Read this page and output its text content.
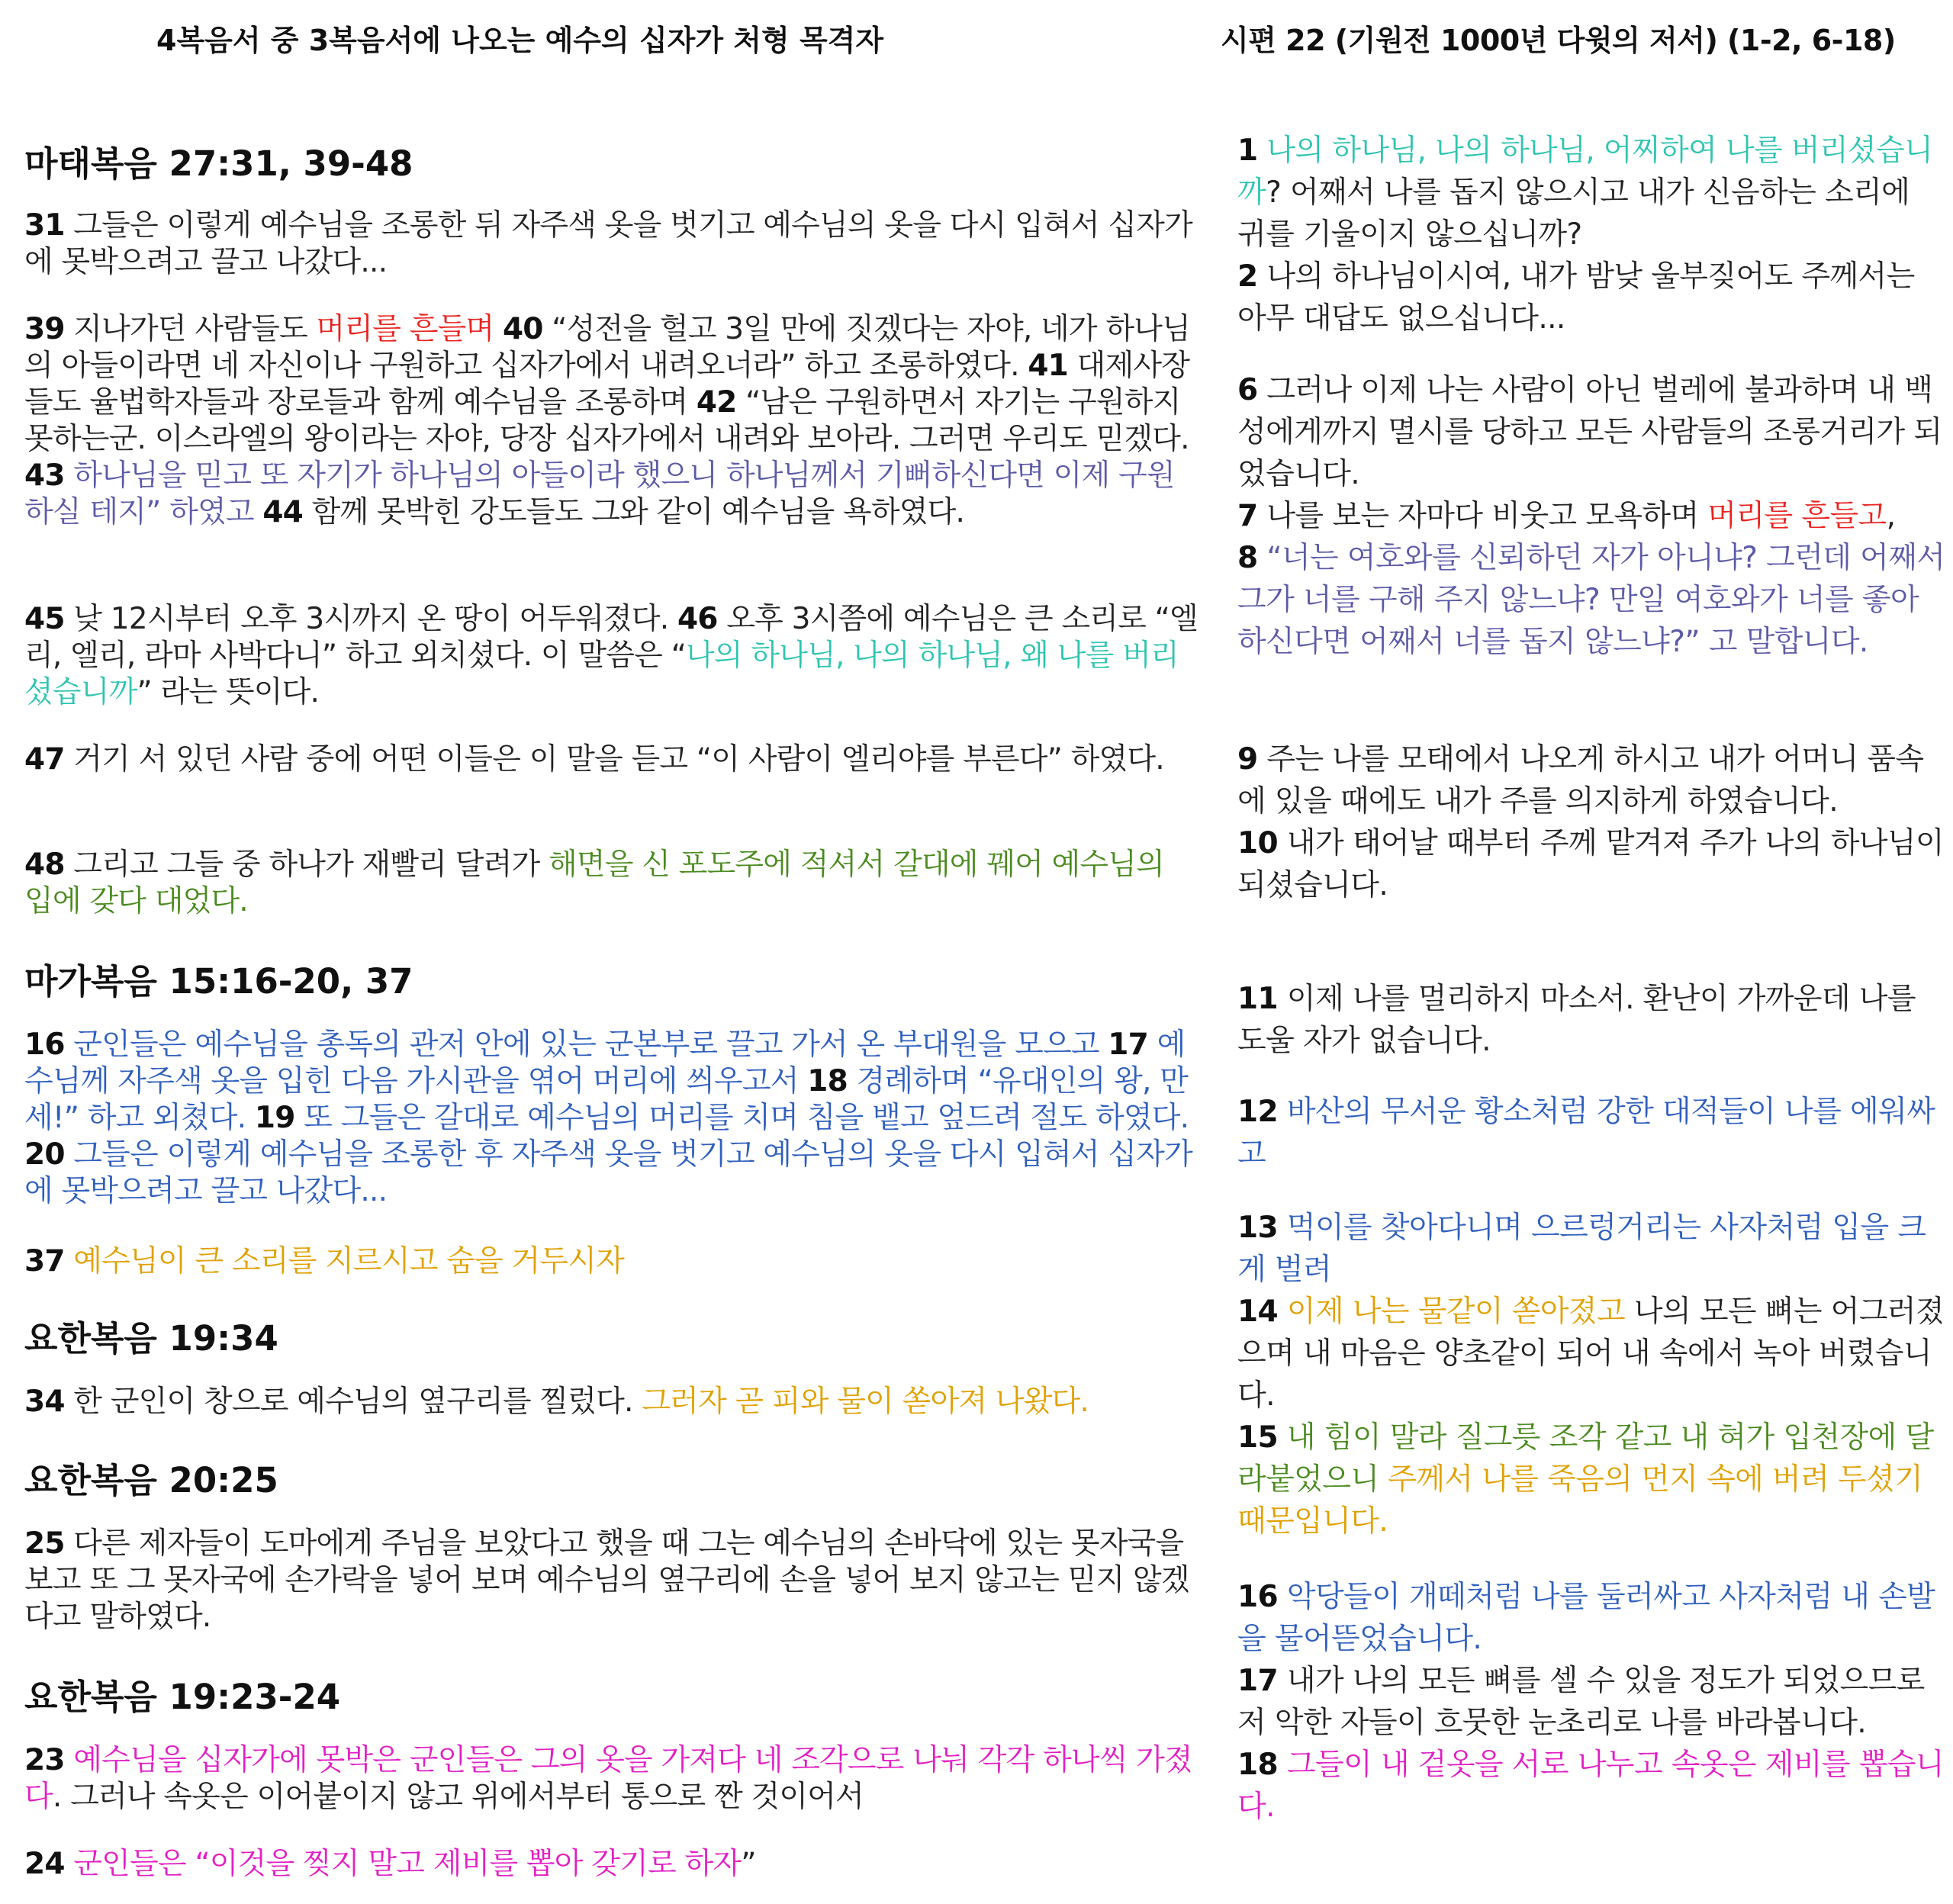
4복음서 중 3복음서에 나오는 예수의 십자가 처형 목격자
마태복음 27:31, 39-48
31 그들은 이렇게 예수님을 조롱한 뒤 자주색 옷을 벗기고 예수님의 옷을 다시 입혀서 십자가에 못박으려고 끌고 나갔다...
39 지나가던 사람들도 머리를 흔들며 40 “성전을 헐고 3일 만에 짓겠다는 자야, 네가 하나님의 아들이라면 네 자신이나 구원하고 십자가에서 내려오너라” 하고 조롱하였다. 41 대제사장들도 율법학자들과 장로들과 함께 예수님을 조롱하며 42 “남은 구원하면서 자기는 구원하지 못하는군. 이스라엘의 왕이라는 자야, 당장 십자가에서 내려와 보아라. 그러면 우리도 믿겠다. 43 하나님을 믿고 또 자기가 하나님의 아들이라 했으니 하나님께서 기뻐하신다면 이제 구원하실 테지” 하였고 44 함께 못박힌 강도들도 그와 같이 예수님을 욕하였다.
45 낮 12시부터 오후 3시까지 온 땅이 어두워졌다. 46 오후 3시쯤에 예수님은 큰 소리로 “엘리, 엘리, 라마 사박다니” 하고 외치셨다. 이 말씀은 “나의 하나님, 나의 하나님, 왜 나를 버리셨습니까” 라는 뜻이다.
47 거기 서 있던 사람 중에 어떤 이들은 이 말을 듣고 “이 사람이 엘리야를 부른다” 하였다.
48 그리고 그들 중 하나가 재빨리 달려가 해면을 신 포도주에 적셔서 갈대에 꿰어 예수님의 입에 갖다 대었다.
마가복음 15:16-20, 37
16 군인들은 예수님을 총독의 관저 안에 있는 군본부로 끌고 가서 온 부대원을 모으고 17 예수님께 자주색 옷을 입힌 다음 가시관을 엮어 머리에 씌우고서 18 경례하며 “유대인의 왕, 만세!” 하고 외쳤다. 19 또 그들은 갈대로 예수님의 머리를 치며 침을 뱉고 엎드려 절도 하였다. 20 그들은 이렇게 예수님을 조롱한 후 자주색 옷을 벗기고 예수님의 옷을 다시 입혀서 십자가에 못박으려고 끌고 나갔다...
37 예수님이 큰 소리를 지르시고 숨을 거두시자
요한복음 19:34
34 한 군인이 창으로 예수님의 옆구리를 찔렀다. 그러자 곧 피와 물이 쏟아져 나왔다.
요한복음 20:25
25 다른 제자들이 도마에게 주님을 보았다고 했을 때 그는 예수님의 손바닥에 있는 못자국을 보고 또 그 못자국에 손가락을 넣어 보며 예수님의 옆구리에 손을 넣어 보지 않고는 믿지 않겠다고 말하였다.
요한복음 19:23-24
23 예수님을 십자가에 못박은 군인들은 그의 옷을 가져다 네 조각으로 나눠 각각 하나씩 가졌다. 그러나 속옷은 이어붙이지 않고 위에서부터 통으로 짠 것이어서
24 군인들은 “이것을 찢지 말고 제비를 뽑아 갖기로 하자”
시편 22 (기원전 1000년 다윗의 저서) (1-2, 6-18)
1 나의 하나님, 나의 하나님, 어찌하여 나를 버리셨습니까? 어째서 나를 돕지 않으시고 내가 신음하는 소리에 귀를 기울이지 않으십니까?
2 나의 하나님이시여, 내가 밤낮 울부짖어도 주께서는 아무 대답도 없으십니다...
6 그러나 이제 나는 사람이 아닌 벌레에 불과하며 내 백성에게까지 멸시를 당하고 모든 사람들의 조롱거리가 되었습니다.
7 나를 보는 자마다 비웃고 모욕하며 머리를 흔들고,
8 “너는 여호와를 신뢰하던 자가 아니냐? 그런데 어째서 그가 너를 구해 주지 않느냐? 만일 여호와가 너를 좋아하신다면 어째서 너를 돕지 않느냐?” 고 말합니다.
9 주는 나를 모태에서 나오게 하시고 내가 어머니 품속에 있을 때에도 내가 주를 의지하게 하였습니다.
10 내가 태어날 때부터 주께 맡겨져 주가 나의 하나님이 되셨습니다.
11 이제 나를 멀리하지 마소서. 환난이 가까운데 나를 도울 자가 없습니다.
12 바산의 무서운 황소처럼 강한 대적들이 나를 에워싸고
13 먹이를 찾아다니며 으르렁거리는 사자처럼 입을 크게 벌려
14 이제 나는 물같이 쏟아졌고 나의 모든 뼈는 어그러졌으며 내 마음은 양초같이 되어 내 속에서 녹아 버렸습니다.
15 내 힘이 말라 질그릇 조각 같고 내 혀가 입천장에 달라붙었으니 주께서 나를 죽음의 먼지 속에 버려 두셨기 때문입니다.
16 악당들이 개떼처럼 나를 둘러싸고 사자처럼 내 손발을 물어뜯었습니다.
17 내가 나의 모든 뼈를 셀 수 있을 정도가 되었으므로 저 악한 자들이 흐뭇한 눈초리로 나를 바라봅니다.
18 그들이 내 겉옷을 서로 나누고 속옷은 제비를 뽑습니다.
